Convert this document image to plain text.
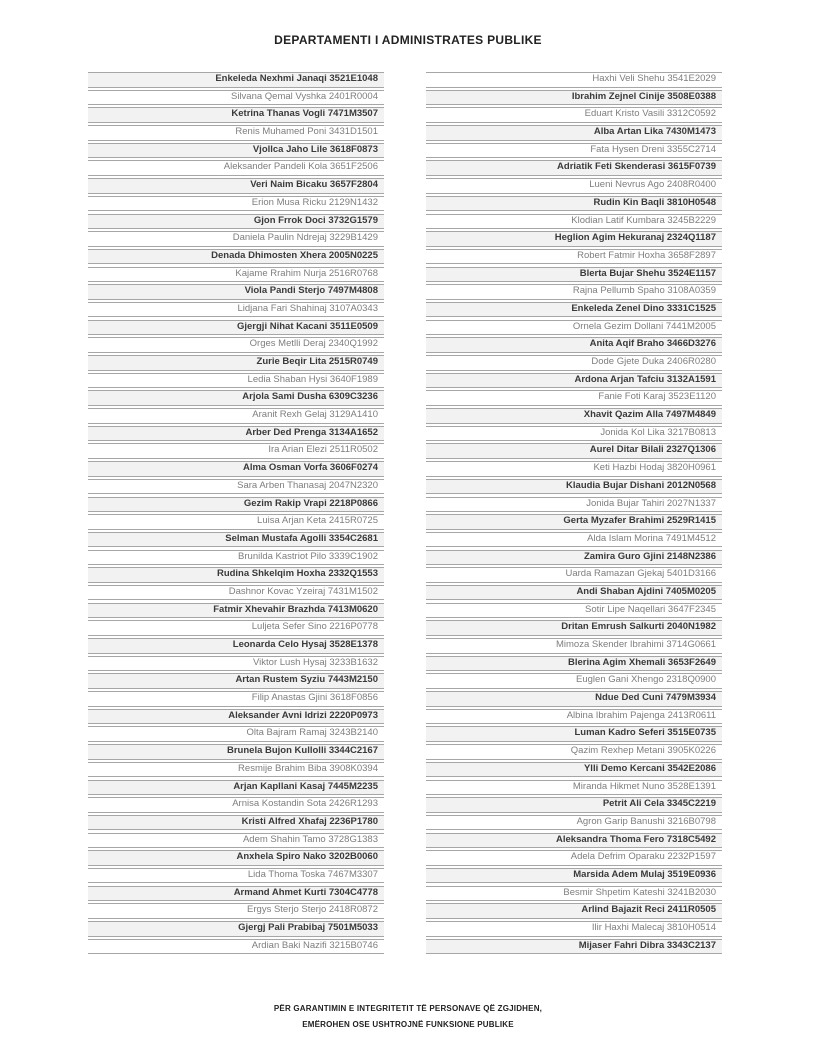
DEPARTAMENTI I ADMINISTRATES PUBLIKE
Enkeleda Nexhmi Janaqi 3521E1048
Silvana Qemal Vyshka 2401R0004
Ketrina Thanas Vogli 7471M3507
Renis Muhamed Poni 3431D1501
Vjollca Jaho Lile 3618F0873
Aleksander Pandeli Kola 3651F2506
Veri Naim Bicaku 3657F2804
Erion Musa Ricku 2129N1432
Gjon Frrok Doci 3732G1579
Daniela Paulin Ndrejaj 3229B1429
Denada Dhimosten Xhera 2005N0225
Kajame Rrahim Nurja 2516R0768
Viola Pandi Sterjo 7497M4808
Lidjana Fari Shahinaj 3107A0343
Gjergji Nihat Kacani 3511E0509
Orges Metlli Deraj 2340Q1992
Zurie Beqir Lita 2515R0749
Ledia Shaban Hysi 3640F1989
Arjola Sami Dusha 6309C3236
Aranit Rexh Gelaj 3129A1410
Arber Ded Prenga 3134A1652
Ira Arian Elezi 2511R0502
Alma Osman Vorfa 3606F0274
Sara Arben Thanasaj 2047N2320
Gezim Rakip Vrapi 2218P0866
Luisa Arjan Keta 2415R0725
Selman Mustafa Agolli 3354C2681
Brunilda Kastriot Pilo 3339C1902
Rudina Shkelqim Hoxha 2332Q1553
Dashnor Kovac Yzeiraj 7431M1502
Fatmir Xhevahir Brazhda 7413M0620
Luljeta Sefer Sino 2216P0778
Leonarda Celo Hysaj 3528E1378
Viktor Lush Hysaj 3233B1632
Artan Rustem Syziu 7443M2150
Filip Anastas Gjini 3618F0856
Aleksander Avni Idrizi 2220P0973
Olta Bajram Ramaj 3243B2140
Brunela Bujon Kullolli 3344C2167
Resmije Brahim Biba 3908K0394
Arjan Kapllani Kasaj 7445M2235
Arnisa Kostandin Sota 2426R1293
Kristi Alfred Xhafaj 2236P1780
Adem Shahin Tamo 3728G1383
Anxhela Spiro Nako 3202B0060
Lida Thoma Toska 7467M3307
Armand Ahmet Kurti 7304C4778
Ergys Sterjo Sterjo 2418R0872
Gjergj Pali Prabibaj 7501M5033
Ardian Baki Nazifi 3215B0746
Haxhi Veli Shehu 3541E2029
Ibrahim Zejnel Cinije 3508E0388
Eduart Kristo Vasili 3312C0592
Alba Artan Lika 7430M1473
Fata Hysen Dreni 3355C2714
Adriatik Feti Skenderasi 3615F0739
Lueni Nevrus Ago 2408R0400
Rudin Kin Baqli 3810H0548
Klodian Latif Kumbara 3245B2229
Heglion Agim Hekuranaj 2324Q1187
Robert Fatmir Hoxha 3658F2897
Blerta Bujar Shehu 3524E1157
Rajna Pellumb Spaho 3108A0359
Enkeleda Zenel Dino 3331C1525
Ornela Gezim Dollani 7441M2005
Anita Aqif Braho 3466D3276
Dode Gjete Duka 2406R0280
Ardona Arjan Tafciu 3132A1591
Fanie Foti Karaj 3523E1120
Xhavit Qazim Alla 7497M4849
Jonida Kol Lika 3217B0813
Aurel Ditar Bilali 2327Q1306
Keti Hazbi Hodaj 3820H0961
Klaudia Bujar Dishani 2012N0568
Jonida Bujar Tahiri 2027N1337
Gerta Myzafer Brahimi 2529R1415
Alda Islam Morina 7491M4512
Zamira Guro Gjini 2148N2386
Uarda Ramazan Gjekaj 5401D3166
Andi Shaban Ajdini 7405M0205
Sotir Lipe Naqellari 3647F2345
Dritan Emrush Salkurti 2040N1982
Mimoza Skender Ibrahimi 3714G0661
Blerina Agim Xhemali 3653F2649
Euglen Gani Xhengo 2318Q0900
Ndue Ded Cuni 7479M3934
Albina Ibrahim Pajenga 2413R0611
Luman Kadro Seferi 3515E0735
Qazim Rexhep Metani 3905K0226
Ylli Demo Kercani 3542E2086
Miranda Hikmet Nuno 3528E1391
Petrit Ali Cela 3345C2219
Agron Garip Banushi 3216B0798
Aleksandra Thoma Fero 7318C5492
Adela Defrim Oparaku 2232P1597
Marsida Adem Mulaj 3519E0936
Besmir Shpetim Kateshi 3241B2030
Arlind Bajazit Reci 2411R0505
Ilir Haxhi Malecaj 3810H0514
Mijaser Fahri Dibra 3343C2137
PËR GARANTIMIN E INTEGRITETIT TË PERSONAVE QË ZGJIDHEN,
EMËROHEN OSE USHTROJNË FUNKSIONE PUBLIKE
